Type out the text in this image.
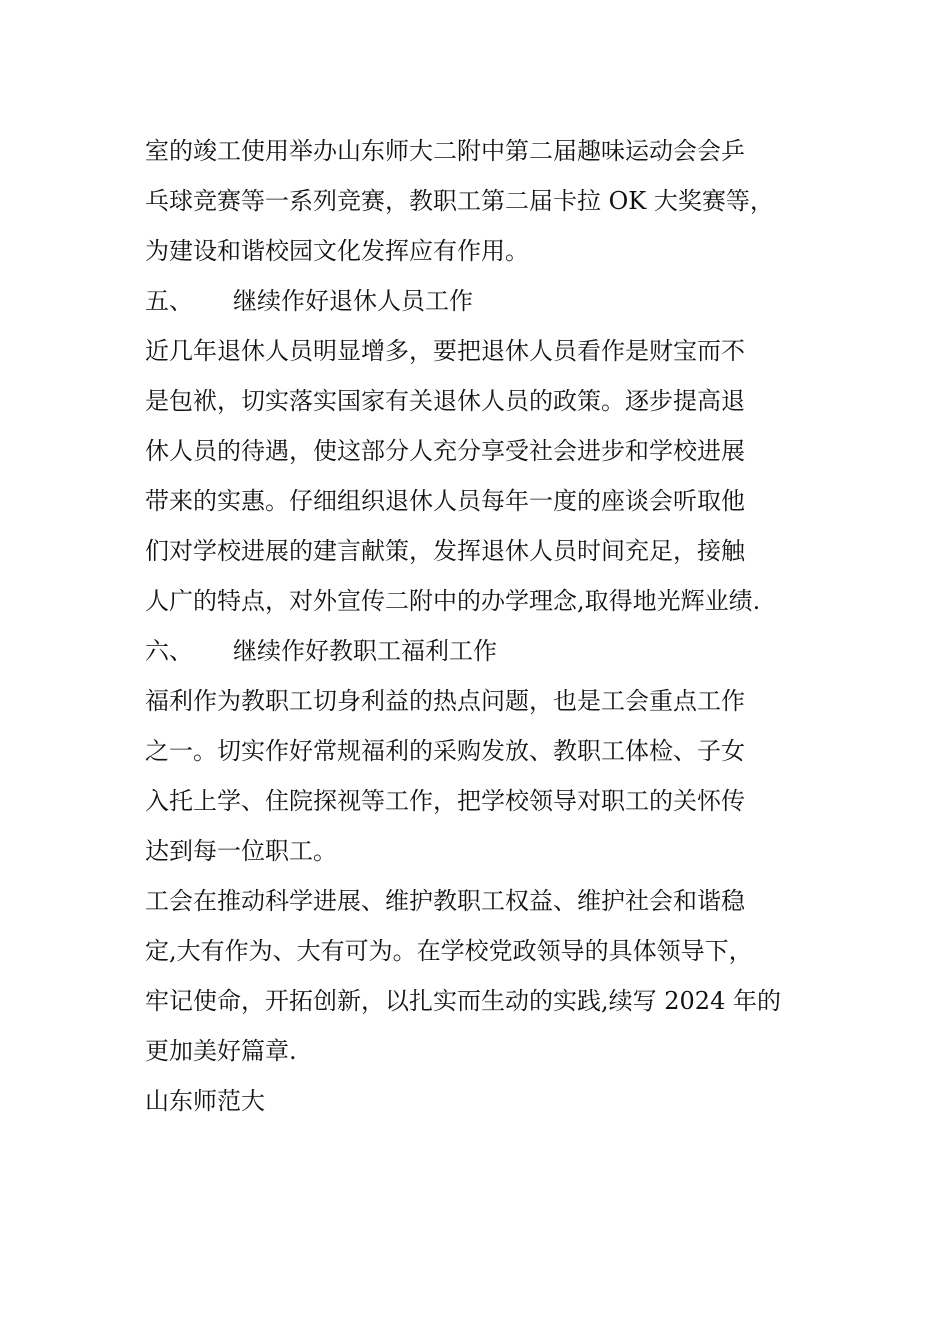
室的竣工使用举办山东师大二附中第二届趣味运动会会乒
乓球竞赛等一系列竞赛，教职工第二届卡拉 OK 大奖赛等，
为建设和谐校园文化发挥应有作用。
五、 继续作好退休人员工作
近几年退休人员明显增多，要把退休人员看作是财宝而不
是包袱，切实落实国家有关退休人员的政策。逐步提高退
休人员的待遇，使这部分人充分享受社会进步和学校进展
带来的实惠。仔细组织退休人员每年一度的座谈会听取他
们对学校进展的建言献策，发挥退休人员时间充足，接触
人广的特点，对外宣传二附中的办学理念,取得地光辉业绩.
六、 继续作好教职工福利工作
福利作为教职工切身利益的热点问题，也是工会重点工作
之一。切实作好常规福利的采购发放、教职工体检、子女
入托上学、住院探视等工作，把学校领导对职工的关怀传
达到每一位职工。
工会在推动科学进展、维护教职工权益、维护社会和谐稳
定,大有作为、大有可为。在学校党政领导的具体领导下，
牢记使命，开拓创新，以扎实而生动的实践,续写 2024 年的
更加美好篇章.
山东师范大
